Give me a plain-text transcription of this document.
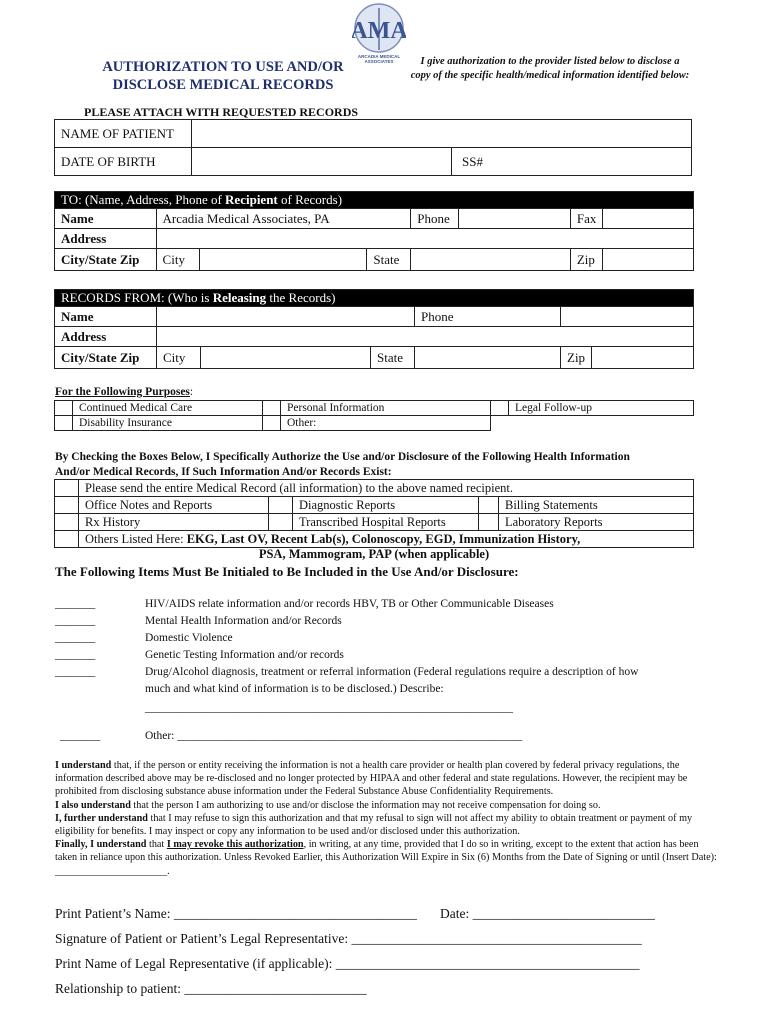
AUTHORIZATION TO USE AND/OR
DISCLOSE MEDICAL RECORDS
AMA
ARCADIA MEDICAL ASSOCIATES	I give authorization to the provider listed below to disclose a
copy of the specific health/medical information identified below:
PLEASE ATTACH WITH REQUESTED RECORDS
NAME OF PATIENT		
DATE OF BIRTH		SS#
TO: (Name, Address, Phone of Recipient of Records)							
Name	Arcadia Medical Associates, PA			Phone		Fax	
Address							
City/State Zip	City		State			Zip	
RECORDS FROM: (Who is Releasing the Records)						
Name				Phone		
Address						
City/State Zip	City		State		Zip	
For the Following Purposes:
	Continued Medical Care		Personal Information		Legal Follow-up
	Disability Insurance		Other:		
By Checking the Boxes Below, I Specifically Authorize the Use and/or Disclosure of the Following Health Information
And/or Medical Records, If Such Information And/or Records Exist:
	Please send the entire Medical Record (all information) to the above named recipient.				
	Office Notes and Reports		Diagnostic Reports		Billing Statements
	Rx History		Transcribed Hospital Reports		Laboratory Reports
	Others Listed Here: EKG, Last OV, Recent Lab(s), Colonoscopy, EGD, Immunization History,				
PSA, Mammogram, PAP (when applicable)
The Following Items Must Be Initialed to Be Included in the Use And/or Disclosure:
_______	HIV/AIDS relate information and/or records HBV, TB or Other Communicable Diseases
_______	Mental Health Information and/or Records
_______	Domestic Violence
_______	Genetic Testing Information and/or records
_______	Drug/Alcohol diagnosis, treatment or referral information (Federal regulations require a description of how
much and what kind of information is to be disclosed.) Describe:
________________________________________________________________
_______	Other: ____________________________________________________________
I understand that, if the person or entity receiving the information is not a health care provider or health plan covered by federal privacy regulations, the information described above may be re-disclosed and no longer protected by HIPAA and other federal and state regulations. However, the recipient may be prohibited from disclosing substance abuse information under the Federal Substance Abuse Confidentiality Requirements.
I also understand that the person I am authorizing to use and/or disclose the information may not receive compensation for doing so.
I, further understand that I may refuse to sign this authorization and that my refusal to sign will not affect my ability to obtain treatment or payment of my eligibility for benefits. I may inspect or copy any information to be used and/or disclosed under this authorization.
Finally, I understand that I may revoke this authorization, in writing, at any time, provided that I do so in writing, except to the extent that action has been taken in reliance upon this authorization. Unless Revoked Earlier, this Authorization Will Expire in Six (6) Months from the Date of Signing or until (Insert Date): ______________________.
Print Patient’s Name: ____________________________________ Date: ___________________________
Signature of Patient or Patient’s Legal Representative: ___________________________________________
Print Name of Legal Representative (if applicable): _____________________________________________
Relationship to patient: ___________________________
